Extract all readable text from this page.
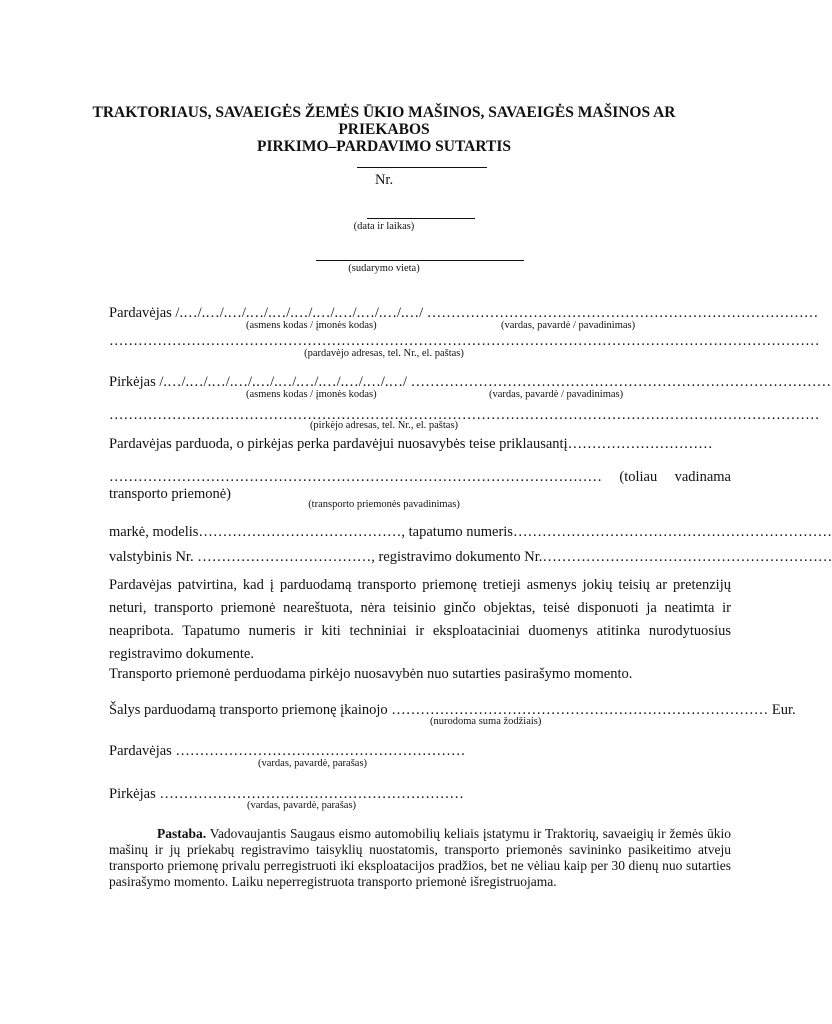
TRAKTORIAUS, SAVAEIGĖS ŽEMĖS ŪKIO MAŠINOS, SAVAEIGĖS MAŠINOS AR
PRIEKABOS
PIRKIMO–PARDAVIMO SUTARTIS
Nr.
(data ir laikas)
(sudarymo vieta)
Pardavėjas /.…/.…/.…/.…/.…/.…/.…/.…/.…/.…/.…/ ………………………………………………………………………
(asmens kodas / įmonės kodas)	(vardas, pavardė / pavadinimas)
…………………………………………………………………………………………………………………………………
(pardavėjo adresas, tel. Nr., el. paštas)
Pirkėjas /.…/.…/.…/.…/.…/.…/.…/.…/.…/.…/.…/ ……………………………………………………………………………
(asmens kodas / įmonės kodas)	(vardas, pavardė / pavadinimas)
…………………………………………………………………………………………………………………………………
(pirkėjo adresas, tel. Nr., el. paštas)
Pardavėjas parduoda, o pirkėjas perka pardavėjui nuosavybės teise priklausantį…………………………
………………………………………………………………………………………… (toliau vadinama
transporto priemonė)
(transporto priemonės pavadinimas)
markė, modelis……………………………………, tapatumo numeris …………………………………………………………
valstybinis Nr. ………………………………, registravimo dokumento Nr. ……………………………………………………
Pardavėjas patvirtina, kad į parduodamą transporto priemonę tretieji asmenys jokių teisių ar pretenzijų neturi, transporto priemonė neareštuota, nėra teisinio ginčo objektas, teisė disponuoti ja neatimta ir neapribota. Tapatumo numeris ir kiti techniniai ir eksploataciniai duomenys atitinka nurodytuosius registravimo dokumente.
Transporto priemonė perduodama pirkėjo nuosavybėn nuo sutarties pasirašymo momento.
Šalys parduodamą transporto priemonę įkainojo …………………………………………………………………… Eur.
(nurodoma suma žodžiais)
Pardavėjas ……………………………………………………
(vardas, pavardė, parašas)
Pirkėjas ………………………………………………………
(vardas, pavardė, parašas)
Pastaba. Vadovaujantis Saugaus eismo automobilių keliais įstatymu ir Traktorių, savaeigių ir žemės ūkio mašinų ir jų priekabų registravimo taisyklių nuostatomis, transporto priemonės savininko pasikeitimo atveju transporto priemonę privalu perregistruoti iki eksploatacijos pradžios, bet ne vėliau kaip per 30 dienų nuo sutarties pasirašymo momento. Laiku neperregistruota transporto priemonė išregistruojama.
